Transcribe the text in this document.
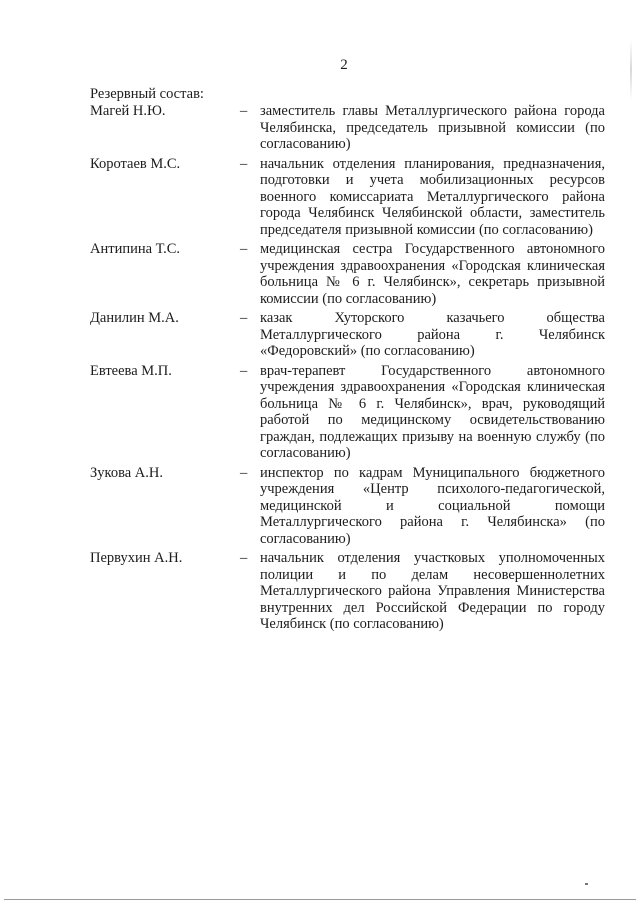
2
Резервный состав:
Магей Н.Ю.	– заместитель главы Металлургического района города Челябинска, председатель призывной комиссии (по согласованию)
Коротаев М.С.	– начальник отделения планирования, предназначения, подготовки и учета мобилизационных ресурсов военного комиссариата Металлургического района города Челябинск Челябинской области, заместитель председателя призывной комиссии (по согласованию)
Антипина Т.С.	– медицинская сестра Государственного автономного учреждения здравоохранения «Городская клиническая больница № 6 г. Челябинск», секретарь призывной комиссии (по согласованию)
Данилин М.А.	– казак Хуторского казачьего общества Металлургического района г. Челябинск «Федоровский» (по согласованию)
Евтеева М.П.	– врач-терапевт Государственного автономного учреждения здравоохранения «Городская клиническая больница № 6 г. Челябинск», врач, руководящий работой по медицинскому освидетельствованию граждан, подлежащих призыву на военную службу (по согласованию)
Зукова А.Н.	– инспектор по кадрам Муниципального бюджетного учреждения «Центр психолого-педагогической, медицинской и социальной помощи Металлургического района г. Челябинска» (по согласованию)
Первухин А.Н.	– начальник отделения участковых уполномоченных полиции и по делам несовершеннолетних Металлургического района Управления Министерства внутренних дел Российской Федерации по городу Челябинск (по согласованию)
